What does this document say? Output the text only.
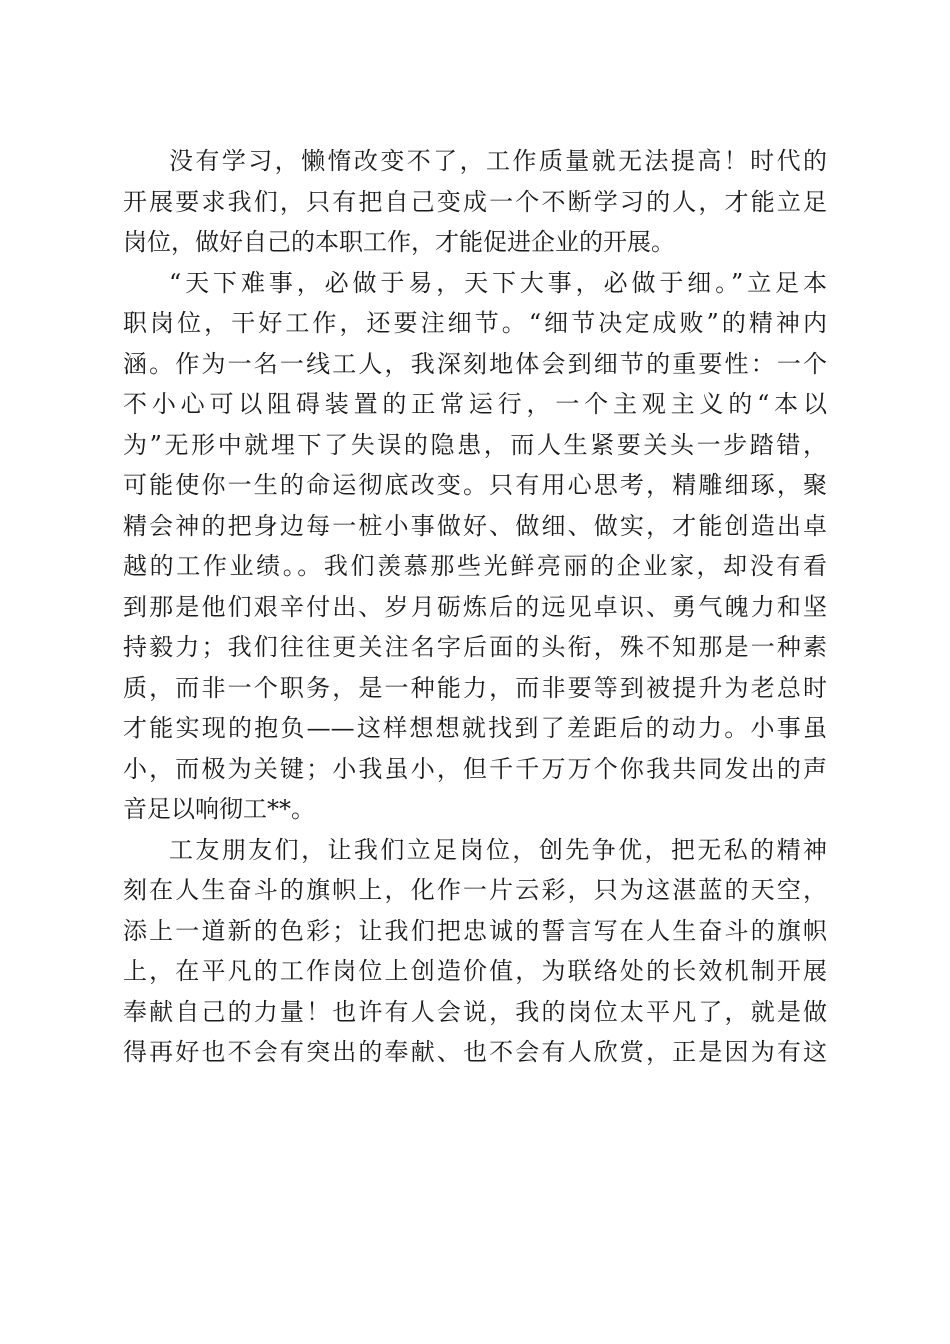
没有学习，懒惰改变不了，工作质量就无法提高！时代的
开展要求我们，只有把自己变成一个不断学习的人，才能立足
岗位，做好自己的本职工作，才能促进企业的开展。
“天下难事，必做于易，天下大事，必做于细。”立足本
职岗位，干好工作，还要注细节。“细节决定成败”的精神内
涵。作为一名一线工人，我深刻地体会到细节的重要性：一个
不小心可以阻碍装置的正常运行，一个主观主义的“本以
为”无形中就埋下了失误的隐患，而人生紧要关头一步踏错，
可能使你一生的命运彻底改变。只有用心思考，精雕细琢，聚
精会神的把身边每一桩小事做好、做细、做实，才能创造出卓
越的工作业绩。。我们羡慕那些光鲜亮丽的企业家，却没有看
到那是他们艰辛付出、岁月砺炼后的远见卓识、勇气魄力和坚
持毅力；我们往往更关注名字后面的头衔，殊不知那是一种素
质，而非一个职务，是一种能力，而非要等到被提升为老总时
才能实现的抱负——这样想想就找到了差距后的动力。小事虽
小，而极为关键；小我虽小，但千千万万个你我共同发出的声
音足以响彻工**。
工友朋友们，让我们立足岗位，创先争优，把无私的精神
刻在人生奋斗的旗帜上，化作一片云彩，只为这湛蓝的天空，
添上一道新的色彩；让我们把忠诚的誓言写在人生奋斗的旗帜
上，在平凡的工作岗位上创造价值，为联络处的长效机制开展
奉献自己的力量！也许有人会说，我的岗位太平凡了，就是做
得再好也不会有突出的奉献、也不会有人欣赏，正是因为有这
